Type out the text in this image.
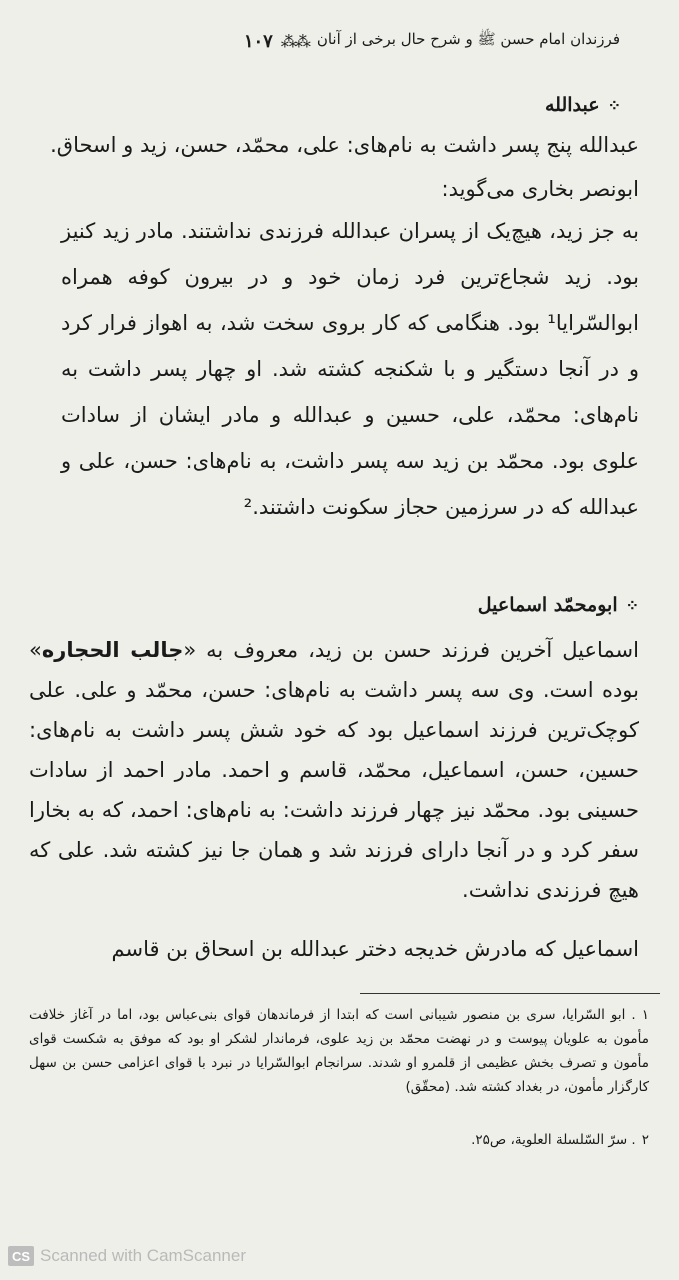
فرزندان امام حسن ﷺ و شرح حال برخی از آنان
⁂⁂
۱۰۷
⁘
عبدالله
عبدالله پنج پسر داشت به نام‌های: علی، محمّد، حسن، زید و اسحاق.
ابونصر بخاری می‌گوید:
به جز زید، هیچ‌یک از پسران عبدالله فرزندی نداشتند. مادر زید کنیز بود. زید شجاع‌ترین فرد زمان خود و در بیرون کوفه همراه ابوالسّرایا¹ بود. هنگامی که کار بروی سخت شد، به اهواز فرار کرد و در آنجا دستگیر و با شکنجه کشته شد. او چهار پسر داشت به نام‌های: محمّد، علی، حسین و عبدالله و مادر ایشان از سادات علوی بود. محمّد بن زید سه پسر داشت، به نام‌های: حسن، علی و عبدالله که در سرزمین حجاز سکونت داشتند.²
⁘
ابومحمّد اسماعیل
اسماعیل آخرین فرزند حسن بن زید، معروف به «جالب الحجاره» بوده است. وی سه پسر داشت به نام‌های: حسن، محمّد و علی. علی کوچک‌ترین فرزند اسماعیل بود که خود شش پسر داشت به نام‌های: حسین، حسن، اسماعیل، محمّد، قاسم و احمد. مادر احمد از سادات حسینی بود. محمّد نیز چهار فرزند داشت: به نام‌های: احمد، که به بخارا سفر کرد و در آنجا دارای فرزند شد و همان جا نیز کشته شد. علی که هیچ فرزندی نداشت.
اسماعیل که مادرش خدیجه دختر عبدالله بن اسحاق بن قاسم
۱. ابو السّرایا، سری بن منصور شیبانی است که ابتدا از فرماندهان قوای بنی‌عباس بود، اما در آغاز خلافت مأمون به علویان پیوست و در نهضت محمّد بن زید علوی، فرماندار لشکر او بود که موفق به شکست قوای مأمون و تصرف بخش عظیمی از قلمرو او شدند. سرانجام ابوالسّرایا در نبرد با قوای اعزامی حسن بن سهل کارگزار مأمون، در بغداد کشته شد. (محقّق)
۲. سرّ السّلسلة العلویة، ص۲۵.
CS Scanned with CamScanner
